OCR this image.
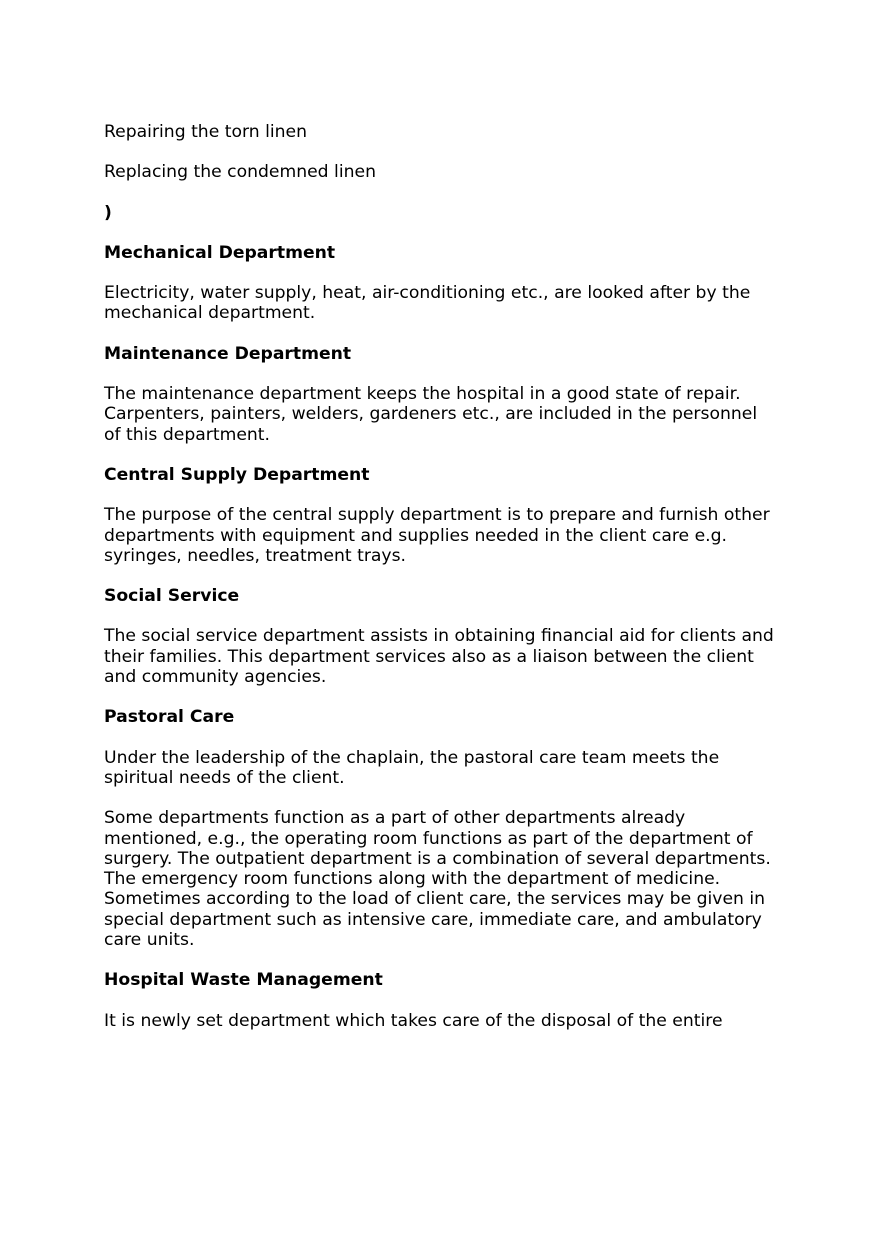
Repairing the torn linen

Replacing the condemned linen

)

Mechanical Department

Electricity, water supply, heat, air-conditioning etc., are looked after by the
mechanical department.

Maintenance Department

The maintenance department keeps the hospital in a good state of repair.
Carpenters, painters, welders, gardeners etc., are included in the personnel
of this department.

Central Supply Department

The purpose of the central supply department is to prepare and furnish other
departments with equipment and supplies needed in the client care e.g.
syringes, needles, treatment trays.

Social Service

The social service department assists in obtaining financial aid for clients and
their families. This department services also as a liaison between the client
and community agencies.

Pastoral Care

Under the leadership of the chaplain, the pastoral care team meets the
spiritual needs of the client.

Some departments function as a part of other departments already
mentioned, e.g., the operating room functions as part of the department of
surgery. The outpatient department is a combination of several departments.
The emergency room functions along with the department of medicine.
Sometimes according to the load of client care, the services may be given in
special department such as intensive care, immediate care, and ambulatory
care units.

Hospital Waste Management

It is newly set department which takes care of the disposal of the entire
